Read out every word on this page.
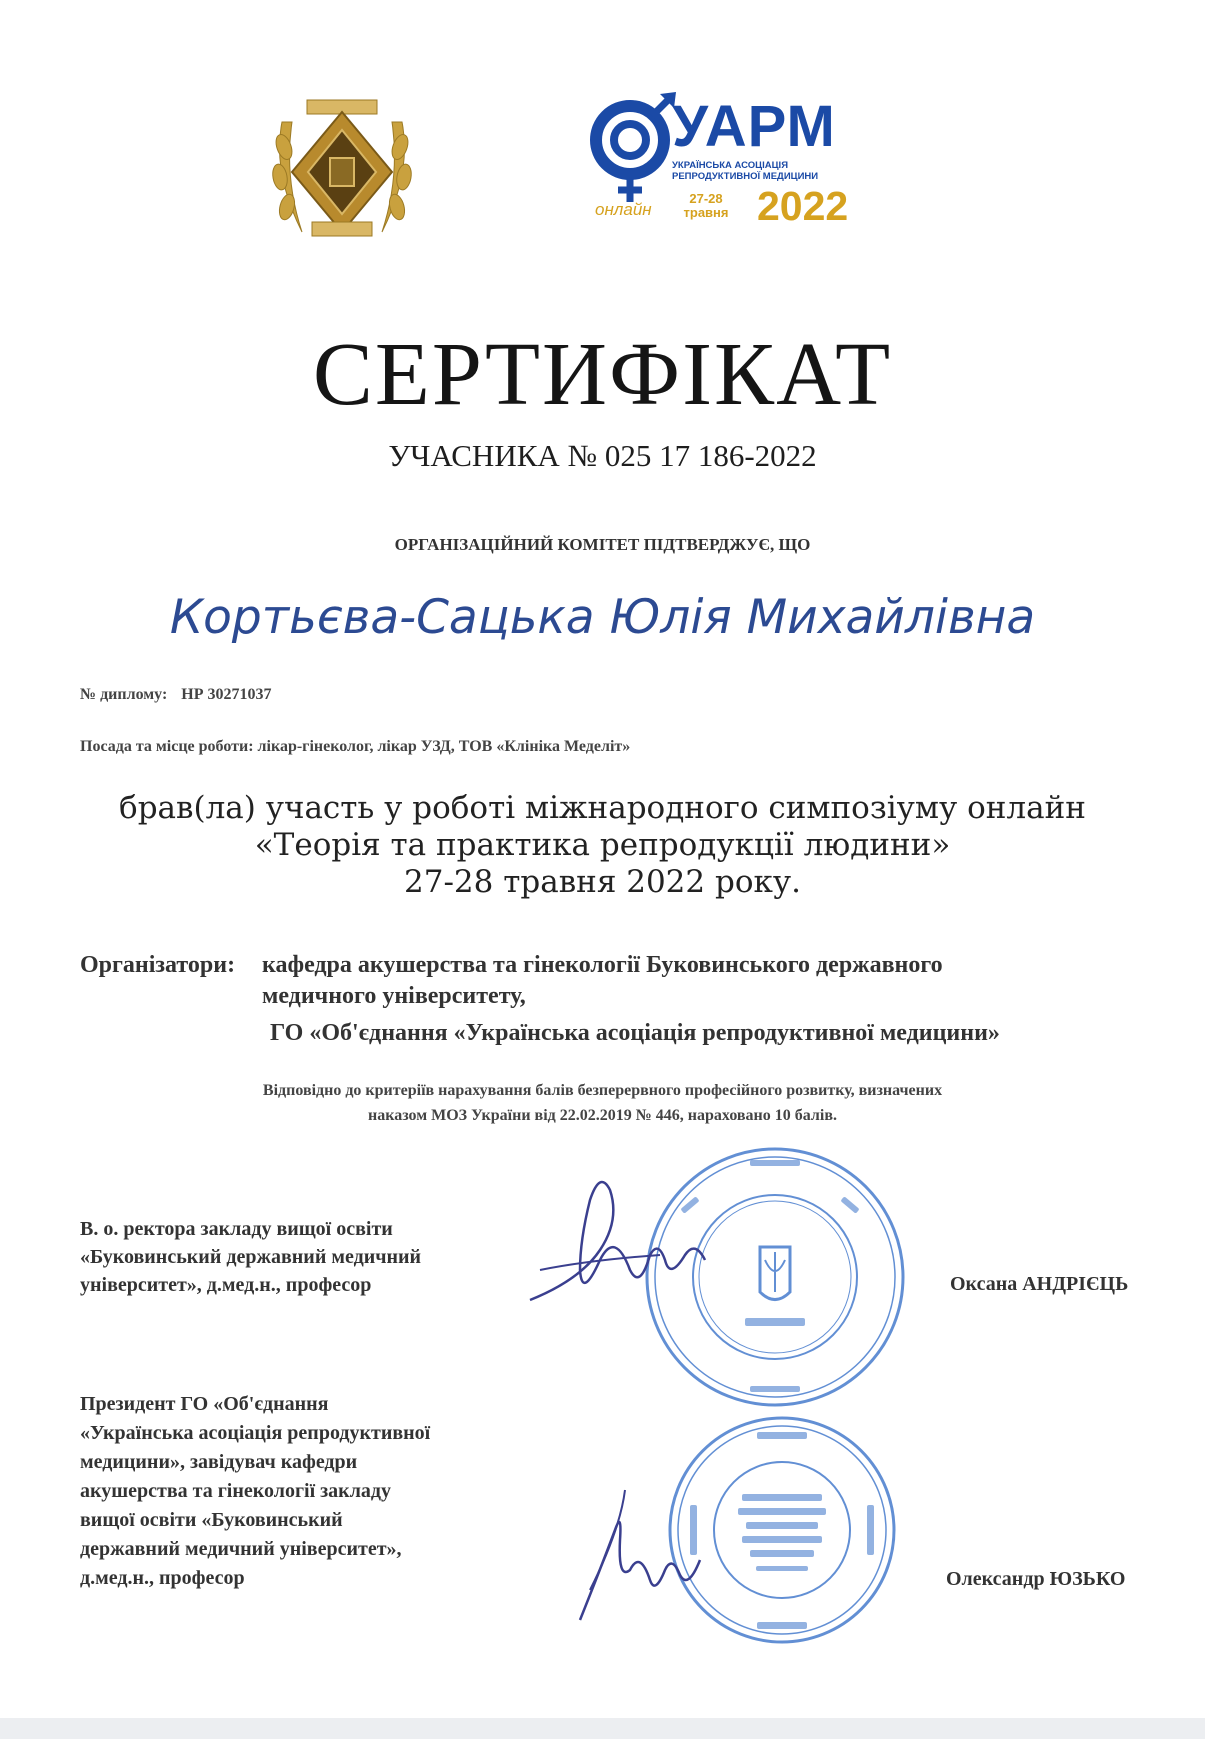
УАРМ
УКРАЇНСЬКА АСОЦІАЦІЯ РЕПРОДУКТИВНОЇ МЕДИЦИНИ
онлайн
27-28
травня 2022
СЕРТИФІКАТ
УЧАСНИКА № 025 17 186-2022
ОРГАНІЗАЦІЙНИЙ КОМІТЕТ ПІДТВЕРДЖУЄ, ЩО
Кортьєва-Сацька Юлія Михайлівна
№ диплому: НР 30271037
Посада та місце роботи: лікар-гінеколог, лікар УЗД, ТОВ «Клініка Меделіт»
брав(ла) участь у роботі міжнародного симпозіуму онлайн
«Теорія та практика репродукції людини»
27-28 травня 2022 року.
Організатори: кафедра акушерства та гінекології Буковинського державного
медичного університету,
ГО «Об'єднання «Українська асоціація репродуктивної медицини»
Відповідно до критеріїв нарахування балів безперервного професійного розвитку, визначених
наказом МОЗ України від 22.02.2019 № 446, нараховано 10 балів.
В. о. ректора закладу вищої освіти
«Буковинський державний медичний
університет», д.мед.н., професор	Оксана АНДРІЄЦЬ
Президент ГО «Об'єднання
«Українська асоціація репродуктивної
медицини», завідувач кафедри
акушерства та гінекології закладу
вищої освіти «Буковинський
державний медичний університет»,
д.мед.н., професор	Олександр ЮЗЬКО
